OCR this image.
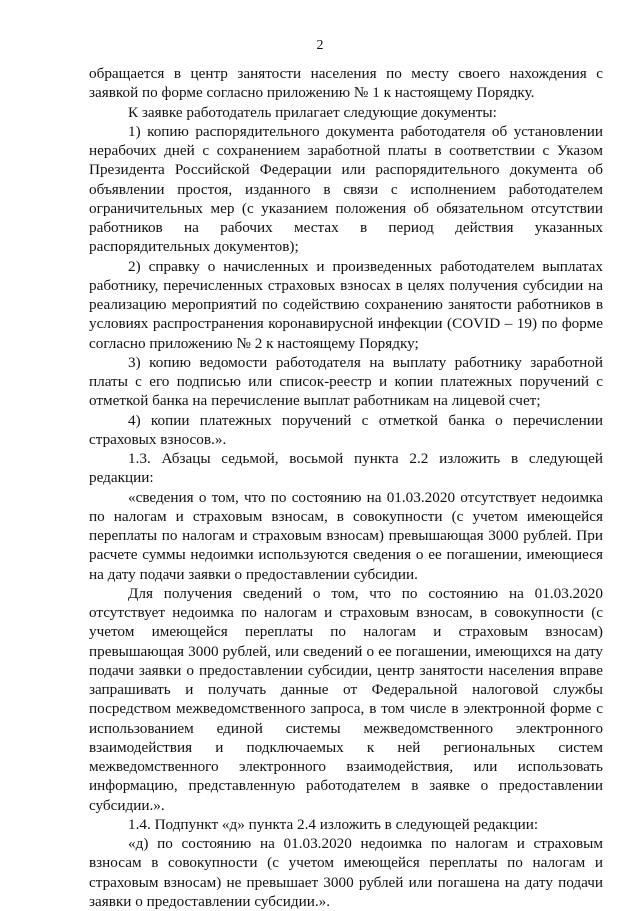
2

обращается в центр занятости населения по месту своего нахождения с заявкой по форме согласно приложению № 1 к настоящему Порядку.

К заявке работодатель прилагает следующие документы:

1) копию распорядительного документа работодателя об установлении нерабочих дней с сохранением заработной платы в соответствии с Указом Президента Российской Федерации или распорядительного документа об объявлении простоя, изданного в связи с исполнением работодателем ограничительных мер (с указанием положения об обязательном отсутствии работников на рабочих местах в период действия указанных распорядительных документов);

2) справку о начисленных и произведенных работодателем выплатах работнику, перечисленных страховых взносах в целях получения субсидии на реализацию мероприятий по содействию сохранению занятости работников в условиях распространения коронавирусной инфекции (COVID – 19) по форме согласно приложению № 2 к настоящему Порядку;

3) копию ведомости работодателя на выплату работнику заработной платы с его подписью или список-реестр и копии платежных поручений с отметкой банка на перечисление выплат работникам на лицевой счет;

4) копии платежных поручений с отметкой банка о перечислении страховых взносов.».

1.3. Абзацы седьмой, восьмой пункта 2.2 изложить в следующей редакции:

«сведения о том, что по состоянию на 01.03.2020 отсутствует недоимка по налогам и страховым взносам, в совокупности (с учетом имеющейся переплаты по налогам и страховым взносам) превышающая 3000 рублей. При расчете суммы недоимки используются сведения о ее погашении, имеющиеся на дату подачи заявки о предоставлении субсидии.

Для получения сведений о том, что по состоянию на 01.03.2020 отсутствует недоимка по налогам и страховым взносам, в совокупности (с учетом имеющейся переплаты по налогам и страховым взносам) превышающая 3000 рублей, или сведений о ее погашении, имеющихся на дату подачи заявки о предоставлении субсидии, центр занятости населения вправе запрашивать и получать данные от Федеральной налоговой службы посредством межведомственного запроса, в том числе в электронной форме с использованием единой системы межведомственного электронного взаимодействия и подключаемых к ней региональных систем межведомственного электронного взаимодействия, или использовать информацию, представленную работодателем в заявке о предоставлении субсидии.».

1.4. Подпункт «д» пункта 2.4 изложить в следующей редакции:

«д) по состоянию на 01.03.2020 недоимка по налогам и страховым взносам в совокупности (с учетом имеющейся переплаты по налогам и страховым взносам) не превышает 3000 рублей или погашена на дату подачи заявки о предоставлении субсидии.».
